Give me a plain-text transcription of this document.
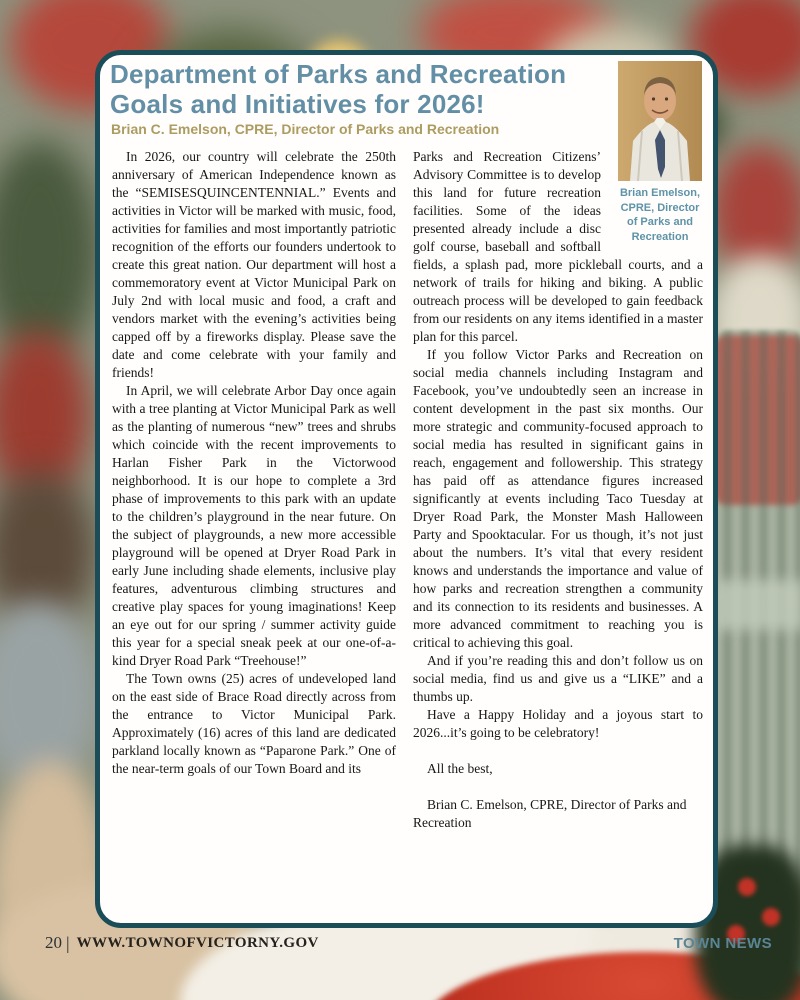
Department of Parks and Recreation
Goals and Initiatives for 2026!
Brian C. Emelson, CPRE, Director of Parks and Recreation
Brian Emelson, CPRE, Director of Parks and Recreation

In 2026, our country will celebrate the 250th anniversary of American Independence known as the “SEMISESQUINCENTENNIAL.” Events and activities in Victor will be marked with music, food, activities for families and most importantly patriotic recognition of the efforts our founders undertook to create this great nation. Our department will host a commemoratory event at Victor Municipal Park on July 2nd with local music and food, a craft and vendors market with the evening’s activities being capped off by a fireworks display. Please save the date and come celebrate with your family and friends!

In April, we will celebrate Arbor Day once again with a tree planting at Victor Municipal Park as well as the planting of numerous “new” trees and shrubs which coincide with the recent improvements to Harlan Fisher Park in the Victorwood neighborhood. It is our hope to complete a 3rd phase of improvements to this park with an update to the children’s playground in the near future. On the subject of playgrounds, a new more accessible playground will be opened at Dryer Road Park in early June including shade elements, inclusive play features, adventurous climbing structures and creative play spaces for young imaginations! Keep an eye out for our spring / summer activity guide this year for a special sneak peek at our one-of-a-kind Dryer Road Park “Treehouse!”

The Town owns (25) acres of undeveloped land on the east side of Brace Road directly across from the entrance to Victor Municipal Park. Approximately (16) acres of this land are dedicated parkland locally known as “Paparone Park.” One of the near-term goals of our Town Board and its

Parks and Recreation Citizens’ Advisory Committee is to develop this land for future recreation facilities. Some of the ideas presented already include a disc golf course, baseball and softball fields, a splash pad, more pickleball courts, and a network of trails for hiking and biking. A public outreach process will be developed to gain feedback from our residents on any items identified in a master plan for this parcel.

If you follow Victor Parks and Recreation on social media channels including Instagram and Facebook, you’ve undoubtedly seen an increase in content development in the past six months. Our more strategic and community-focused approach to social media has resulted in significant gains in reach, engagement and followership. This strategy has paid off as attendance figures increased significantly at events including Taco Tuesday at Dryer Road Park, the Monster Mash Halloween Party and Spooktacular. For us though, it’s not just about the numbers. It’s vital that every resident knows and understands the importance and value of how parks and recreation strengthen a community and its connection to its residents and businesses. A more advanced commitment to reaching you is critical to achieving this goal.

And if you’re reading this and don’t follow us on social media, find us and give us a “LIKE” and a thumbs up.

Have a Happy Holiday and a joyous start to 2026...it’s going to be celebratory!

All the best,

Brian C. Emelson, CPRE, Director of Parks and Recreation

20 | WWW.TOWNOFVICTORNY.GOV	TOWN NEWS
